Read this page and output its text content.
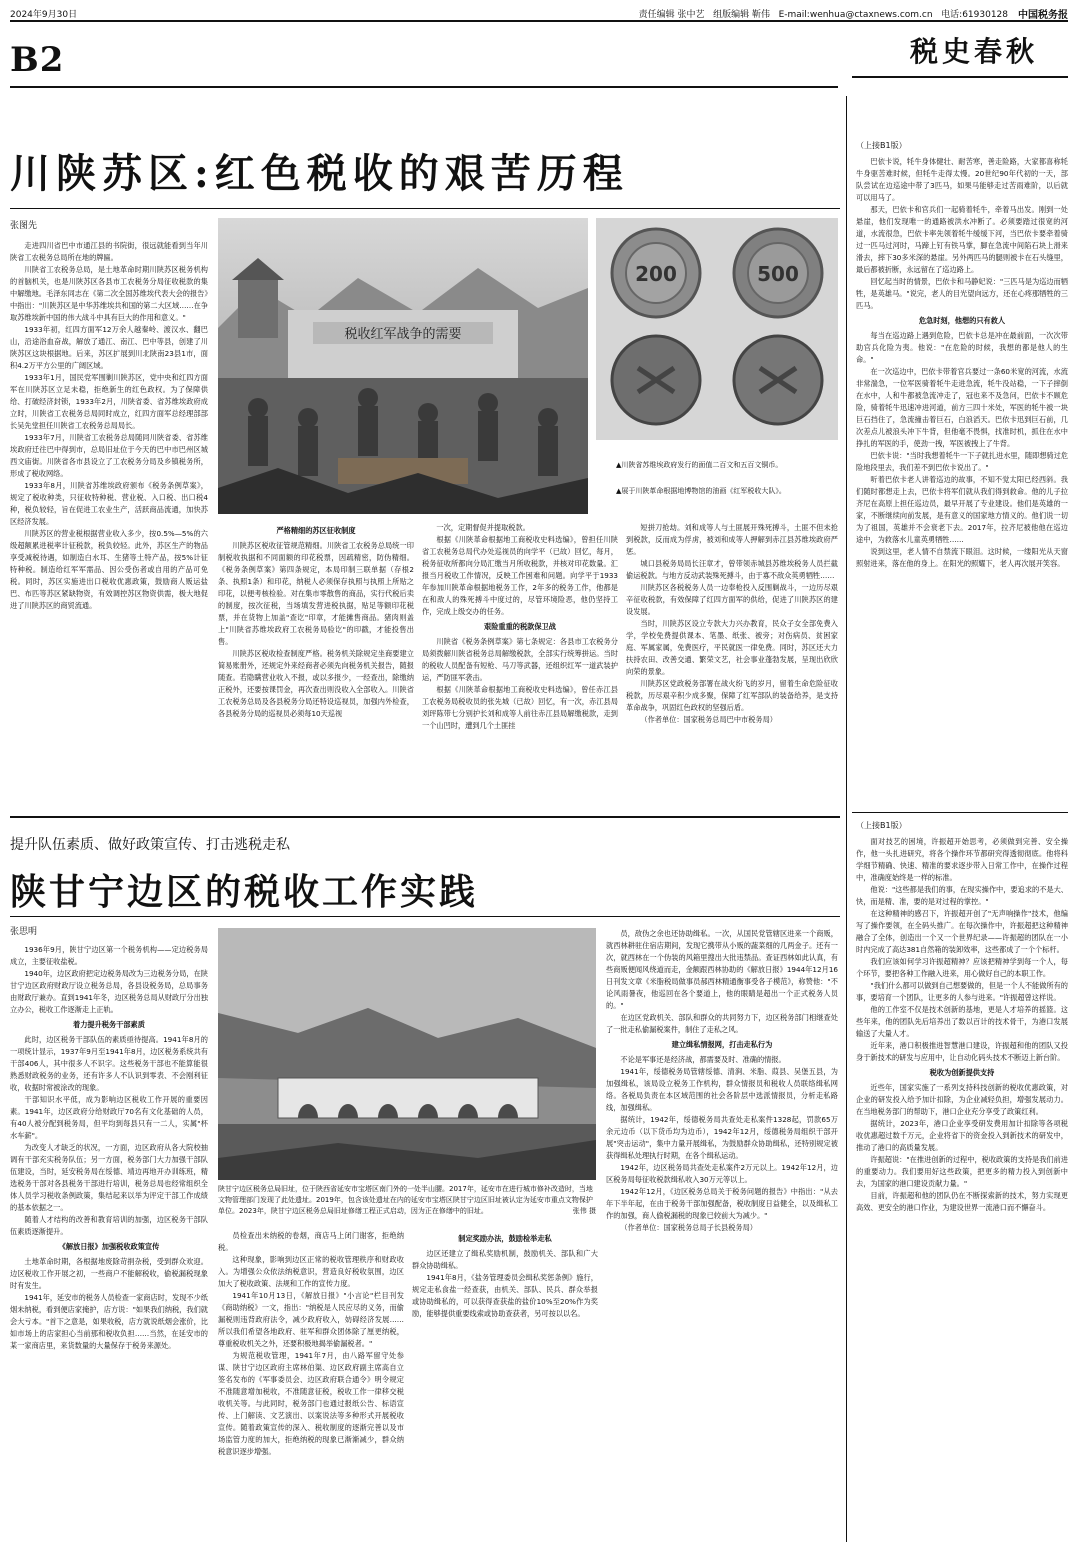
2024年9月30日	责任编辑 张中艺 组版编辑 靳伟 E-mail:wenhua@ctaxnews.com.cn 电话:61930128 中国税务报
B2	税史春秋
川陕苏区:红色税收的艰苦历程
张图先

走进四川省巴中市通江县的书院街，很远就能看到当年川陕省工农税务总局所在地的牌匾。

川陕省工农税务总局，是土地革命时期川陕苏区税务机构的首脑机关，也是川陕苏区各县市工农税务分局征收税款的集中解缴地。毛泽东同志在《第二次全国苏维埃代表大会的报告》中指出："川陕苏区是中华苏维埃共和国的第二大区域……在争取苏维埃新中国的伟大战斗中具有巨大的作用和意义。"

1933年初，红四方面军12万余人越秦岭、渡汉水、翻巴山，沿途浴血奋战，解放了通江、南江、巴中等县，创建了川陕苏区这块根据地。后来，苏区扩展到川北陕南23县1市，面积4.2万平方公里的广阔区域。

1933年1月，国民党军围剿川陕苏区，党中央和红四方面军在川陕苏区立足未稳，拒绝新生的红色政权。为了保障供给、打破经济封锁，1933年2月，川陕省委、省苏维埃政府成立时，川陕省工农税务总局同时成立，红四方面军总经理部部长吴先堂担任川陕省工农税务总局局长。

1933年7月，川陕省工农税务总局随同川陕省委、省苏维埃政府迁往巴中得到市，总局旧址位于今天的巴中市巴州区城西文庙街。川陕省各市县设立了工农税务分局及乡镇税务所，形成了税收网络。

1933年8月，川陕省苏维埃政府颁布《税务条例草案》，规定了税收种类，只征收特种税、营业税、入口税、出口税4种，税负较轻，旨在促进工农业生产，活跃商品流通，加快苏区经济发展。

川陕苏区的营业税根据营业收入多少，按0.5%—5%的六级超额累进税率计征税款，税负较轻。此外，苏区生产的物品享受减税待遇，如制造白水耳、生猪等土特产品，按5%计征特种税。制造给红军军需品、因公受伤者或自用的产品可免税。同时，苏区实施进出口税收优惠政策，鼓励商人贩运盐巴、布匹等苏区紧缺物资，有效调控苏区物资供需，极大地促进了川陕苏区的商贸流通。

税收红军战争的需要
200	500
▲川陕省苏维埃政府发行的面值二百文和五百文铜币。
▲展于川陕革命根据地博物馆的油画《红军税收大队》。

严格精细的苏区征收制度

川陕苏区税收征管规范精细。川陕省工农税务总局统一印制税收执据和不同面额的印花税票，因疏精密，防伪精细。《税务条例草案》第四条规定，本局印制三联单据（存根2条、执照1条）和印花，纳税人必须保存执照与执照上所贴之印花，以便考核检验。对在集市零散售的商品，实行代税后卖的制度，按次征税，当场填发营进税执据，贴足等额印花税票，并在货物上加盖"查讫"印章，才能摊售商品。猪肉则盖上"川陕省苏维埃政府工农税务局验讫"的印戳，才能投售出售。

川陕苏区税收检查制度严格。税务机关除规定坐商要建立简易账册外，还规定外来经商者必须先向税务机关报告，随报随查。若隐瞒营业收入不报，或以多报少，一经查出，除缴纳正税外，还要按课罚金，再次查出则没收入全部收入。川陕省工农税务总局及各县税务分局还特设巡视员，加强内外检查，各县税务分局的巡视员必须每10天巡视

一次，定期督促并提取税款。

根据《川陕革命根据地工商税收史料选编》，曾担任川陕省工农税务总局代办处巡视员的向学平（已故）回忆，每月，税务征收所都向分局汇缴当月所收税款，并核对印花数量。汇报当月税收工作情况，反映工作困难和问题。向学平于1933年参加川陕革命根据地税务工作，2年多的税务工作，他都是在和敌人的殊死搏斗中度过的，尽管环境险恶，他仍坚持工作，完成上级交办的任务。

艰险重重的税款保卫战

川陕省《税务条例草案》第七条规定：各县市工农税务分局须拨解川陕省税务总局解缴税款，全部实行统筹拼运。当时的税收人员配备有短枪、马刀等武器，还组织红军一道武装护运，严防匪军袭击。

根据《川陕革命根据地工商税收史料选编》，曾任赤江县工农税务局税收员的张先城（已故）回忆，有一次，赤江县局刘玶陈带七分别护长刘和成等人前往赤江县局解缴税款，走到一个山凹时，遭到几个土匪挂

短拼刀抢劫。刘和成等人与土匪展开殊死搏斗，土匪不但未抢到税款，反而成为俘虏，被刘和成等人押解到赤江县苏维埃政府严惩。

城口县税务局局长汪章才，曾带领赤城县苏维埃税务人员拦截偷运税款。与地方反动武装殊死搏斗，由于寡不敌众英勇牺牲……

川陕苏区各税税务人员一边奉枪投入反围剿战斗，一边历尽艰辛征收税款，有效保障了红四方面军的供给，促进了川陕苏区的建设发展。

当时，川陕苏区设立专款大力兴办教育，民众子女全部免费入学，学校免费提供课本、笔墨、纸张、被旁；对伤病员、贫困家庭、军属家属，免费医疗，平民就医一律免费。同时，苏区还大力扶持农田、改善交通、繁荣文艺，社会事业蓬勃发展，呈现出欣欣向荣的景象。

川陕苏区党政税务部署在战火纷飞的岁月，留着生命危险征收税款，历尽艰辛积少成多聚，保障了红军部队的装备给养，是支持革命战争，巩固红色政权的坚强后盾。

（作者单位：国家税务总局巴中市税务局）

提升队伍素质、做好政策宣传、打击逃税走私
陕甘宁边区的税收工作实践
张思明

1936年9月，陕甘宁边区第一个税务机构——定边税务局成立，主要征收盐税。

1940年，边区政府把定边税务局改为三边税务分局，在陕甘宁边区政府财政厅设立税务总局，各县设税务局，总局事务由财政厅兼办。直到1941年冬，边区税务总局从财政厅分出独立办公，税收工作逐渐走上正轨。

着力提升税务干部素质

此时，边区税务干部队伍的素质亟待提高。1941年8月的一项统计显示，1937年9月至1941年8月，边区税务系统共有干部406人，其中很多人不识字。这些税务干部也不能算能很熟悉财政税务的业务，还有许多人不认识到零表、不会刚利征收，收据时常被涂改的现象。

干部知识水平低，成为影响边区税收工作开展的重要因素。1941年，边区政府分给财政厅70名有文化基础的人员，有40人被分配到税务局，但平均到每县只有一二人，实属"杯水车薪"。

为改变人才缺乏的状况，一方面，边区政府从各大院校抽调有干部充实税务队伍；另一方面，税务部门大力加强干部队伍建设，当时，延安税务局在绥德、靖边再地开办训练班，精选税务干部对各县税务干部进行培训，税务总局也经常组织全体人员学习税收条例政策，集结起来以举为评定干部工作成绩的基本依据之一。

随着人才结构的改善和教育培训的加强，边区税务干部队伍素质逐渐提升。

《解放日报》加强税收政策宣传

土地革命时期，各根据地废除苛捐杂税，受到群众欢迎。边区税收工作开展之初，一些商户不能解税收，偷税漏税现象时有发生。

1941年，延安市的税务人员检查一家商店时，发现不少纸烟未纳税，看到便店家掩护，店方说："如果我们纳税，我们就会大亏本。"首下之意是，如果收税，店方就说纸烟会涨价，比如市场上的店家担心当前那和税收负担……当然，在延安市的某一家商店里，来货数量的大量保存于税务来源处。

陕甘宁边区税务总局旧址，位于陕西省延安市宝塔区南门外的一处半山腰。2017年，延安市在进行城市修补改造时，当地文物管理部门发现了此处遗址。2019年，包含该处遗址在内的延安市宝塔区陕甘宁边区旧址被认定为延安市重点文物保护单位。2023年，陕甘宁边区税务总局旧址修缮工程正式启动，因为正在修缮中的旧址。	张伟 摄

员检查出未纳税的卷烟，商店马上闭门谢客，拒绝纳税。

这种现象，影响到边区正常的税收管理秩序和财政收入。为增强公众依法纳税意识，营造良好税收氛围，边区加大了税收政策、法规和工作的宣传力度。

1941年10月13日，《解放日报》"小言论"栏目刊发《商助纳税》一文，指出："纳税是人民应尽的义务，而偷漏税则违背政府法令，减少政府收入，妨碍经济发展……所以我们希望各地政府、驻军和群众团体除了厘更纳税，尊重税收机关之外，还要积极地揭举偷漏税者。"

为规范税收管理，1941年7月，由八路军留守处参谋、陕甘宁边区政府主席林伯渠、边区政府副主席高自立签名发布的《军事委员会、边区政府联合通令》明令规定不准随意增加税收，不准随意征税，税收工作一律移交税收机关等。与此同时，税务部门也通过报纸公告、标语宣传、上门解读、文艺演出、以案说法等多种形式开展税收宣传。随着政策宣传的深入、税收制度的逐渐完善以及市场监管力度的加大，拒绝纳税的现象已渐渐减少，群众纳税意识逐步增强。

制定奖励办法，鼓励检举走私

边区还建立了缉私奖励机制，鼓励机关、部队和广大群众协助缉私。

1941年8月，《盐务管理委员会缉私奖惩条例》施行，规定走私食盐一经查获，由机关、部队、民兵、群众举报或协助缉私的，可以获得查获盐的盐价10%至20%作为奖励，能够提供重要线索或协助查获者，另可按以以名。

员，敌伪之余也还协助缉私。一次，从国民党管辖区进来一个商贩，就西林耕驻住宿店期间，发现它携带从小贩的蔬菜细的几两金子。还有一次，就西林在一个伪装的风箱里搜出大批违禁品。查证西林如此认真，有些商贩便闻风绕道而走，金额跟西林协助的《解放日报》1944年12月16日刊发文章《米脂税局做事员郝西林精通衡事受各子模范》，称赞他："不论风雨暑夜，他巡回在各个要道上，他的眼睛是超出一个正式税务人员的。"

在边区党政机关、部队和群众的共同努力下，边区税务部门相继查处了一批走私偷漏税案件，制住了走私之风。

建立缉私情报网，打击走私行为

不论是军事还是经济战，都需要及时、准确的情报。

1941年，绥德税务局管辖绥德、清涧、米脂、葭县、吴堡五县，为加强缉私，该局设立税务工作机构，群众情报员和税收人员联络缉私网络。各税局负责在本区域范围的社会各阶层中选派情报员，分析走私路线，加强缉私。

据统计，1942年，绥德税务局共查处走私案件1328起，罚款65万余元边币（以下货币均为边币），1942年12月，绥德税务局组织干部开展"突击运动"，集中力量开展缉私，为鼓励群众协助缉私，还特别规定被获得缉私处理执行时期，在各个缉私运动。

1942年，边区税务局共查处走私案件2万元以上。1942年12月，边区税务局每征收税款缉私收入30万元等以上。

1942年12月，《边区税务总局关于税务问题的报告》中指出："从去年下半年起，在由于税务干部加强配备，税收制度日益健全，以及缉私工作的加强，商人偷税漏税的现象已较前大为减少。"

（作者单位：国家税务总局子长县税务局）

（上接B1版）

巴依卡说，牦牛身体健壮、耐苦寒，善走险路，大家都喜称牦牛身驱苦难时候，但牦牛走得太慢。20世纪90年代初的一天，部队尝试在边巡途中带了3匹马，如果马能够走过苦雨难阶，以后就可以用马了。

那天，巴依卡和官兵们一起骑着牦牛，牵着马出发。刚到一处悬崖，他们发现唯一的通路被洪水冲断了。必须要踏过很宽的河道，水流很急，巴依卡率先领着牦牛缓缓下河，当巴依卡要牵着骑过一匹马过河时，马蹄上钉有铁马掌，脚在急流中间陷石块上滑来滑去，摔下30多米深的悬崖。另外两匹马的腿则被卡在石头缝里，最后都被折断，永远留在了巡边路上。

回忆起当时的情景，巴依卡和马静妃说："三匹马是为巡边而牺牲，是英雄马。"说完，老人的目光望向远方，还在心疼那牺牲的三匹马。

危急时刻，他想的只有救人

每当在巡边路上遇到危险，巴依卡总是冲在最前面，一次次带助官兵化险为夷。他说："在危险的时候，我想的都是他人的生命。"

在一次巡边中，巴依卡带着官兵要过一条60米宽的河流，水流非常湍急，一位军医骑着牦牛走进急流，牦牛没站稳，一下子摔倒在水中，人和牛都被急流冲走了，冠也来不及急问，巴依卡不顾危险，骑着牦牛迅速冲进河道，前方三四十米处，军医的牦牛被一块巨石挡住了，急流撞击着巨石，白浪滔天。巴依卡迅到巨石前，几次差点儿被浪头冲下牛背，但他毫不畏惧，找准时机，抓住在水中挣扎的军医的手，使劲一拽，军医被拽上了牛背。

巴依卡说："当时我想着牦牛一下子就扎进水里，随即想骑过危险地段里去，我们差不到巴依卡说出了。"

听着巴依卡老人讲着巡边的故事，不知不觉太阳已经西斜。我们随时都想走上去，巴依卡将军们就从我们得到救命。他的儿子拉齐尼在高原上担任巡边员，最早开展了专业建设。他们是英雄的一家，不断继续向前发展，是有意义的国家地方情义的。他们说一切为了祖国，英雄并不会衰老下去。2017年，拉齐尼被他他在巡边途中，为救落水儿童英勇牺牲……

说到这里，老人情不自禁流下眼泪。这时候，一缕阳光从天窗照射进来，落在他的身上。在阳光的照耀下，老人再次展开笑容。

（上接B1版）

面对技艺的困境，许振超开始思考，必须做到完善、安全操作，他一头扎进研究，将各个操作环节都研究得透彻彻底。他将科学细节精确、快速、精准的要求逐步带入日常工作中，在操作过程中，准确度始终是一样的标准。

他说："这些都是我们的事，在现实操作中，要追求的不是大、快，而是精、准，要的是对过程的掌控。"

在这种精神的感召下，许振超开创了"无声响操作"技术，他编写了操作要领，在全码头推广。在每次操作中，许振超把这种精神融合了全体，创造出一个又一个世界纪录——许振超的团队在一小时内完成了高达381自然箱的装卸效率，这些都成了一个个标杆。

我们应该如何学习许振超精神？应该把精神学到每一个人，每个环节，要把各种工作融入进来，用心做好自己的本职工作。

"我们什么都可以做到自己想要做的，但是一个人不能做所有的事，要培育一个团队，让更多的人参与进来。"许振超曾这样说。

他的工作室不仅是技术创新的基地，更是人才培养的摇篮。这些年来，他的团队先后培养出了数以百计的技术骨干，为港口发展输送了大量人才。

近年来，港口积极推进智慧港口建设，许振超和他的团队又投身于新技术的研发与应用中，让自动化码头技术不断迈上新台阶。

税收为创新提供支持

近些年，国家实施了一系列支持科技创新的税收优惠政策，对企业的研发投入给予加计扣除，为企业减轻负担，增强发展动力。在当地税务部门的帮助下，港口企业充分享受了政策红利。

据统计，2023年，港口企业享受研发费用加计扣除等各项税收优惠超过数千万元，企业将省下的资金投入到新技术的研发中，推动了港口的高质量发展。

许振超说："在推进创新的过程中，税收政策的支持是我们前进的重要动力。我们要用好这些政策，把更多的精力投入到创新中去，为国家的港口建设贡献力量。"

目前，许振超和他的团队仍在不断探索新的技术，努力实现更高效、更安全的港口作业，为建设世界一流港口而不懈奋斗。
